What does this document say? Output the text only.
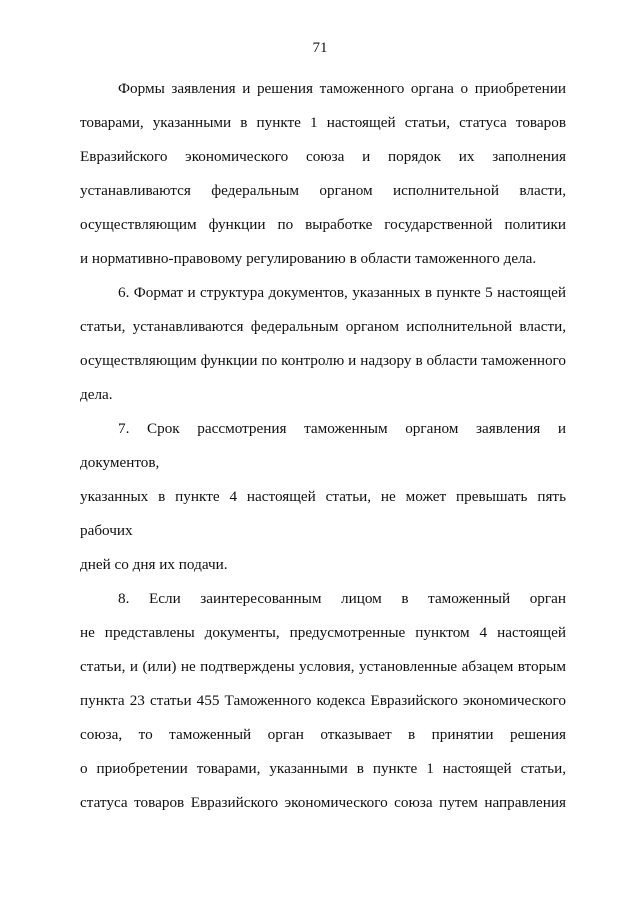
71

Формы заявления и решения таможенного органа о приобретении
товарами, указанными в пункте 1 настоящей статьи, статуса товаров
Евразийского экономического союза и порядок их заполнения
устанавливаются федеральным органом исполнительной власти,
осуществляющим функции по выработке государственной политики
и нормативно-правовому регулированию в области таможенного дела.

6. Формат и структура документов, указанных в пункте 5 настоящей
статьи, устанавливаются федеральным органом исполнительной власти,
осуществляющим функции по контролю и надзору в области таможенного
дела.

7. Срок рассмотрения таможенным органом заявления и документов,
указанных в пункте 4 настоящей статьи, не может превышать пять рабочих
дней со дня их подачи.

8. Если заинтересованным лицом в таможенный орган
не представлены документы, предусмотренные пунктом 4 настоящей
статьи, и (или) не подтверждены условия, установленные абзацем вторым
пункта 23 статьи 455 Таможенного кодекса Евразийского экономического
союза, то таможенный орган отказывает в принятии решения
о приобретении товарами, указанными в пункте 1 настоящей статьи,
статуса товаров Евразийского экономического союза путем направления
